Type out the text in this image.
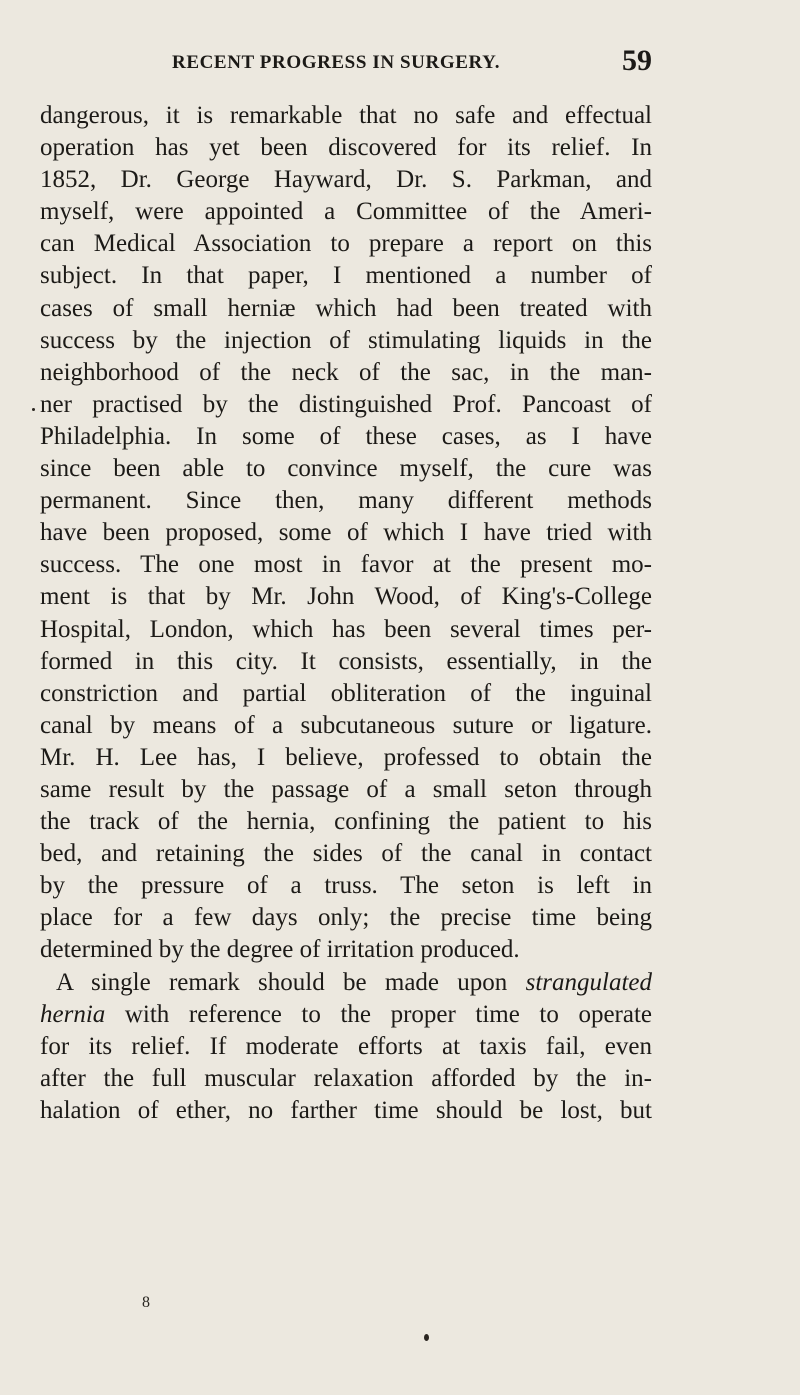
RECENT PROGRESS IN SURGERY.	59
dangerous, it is remarkable that no safe and effectual
operation has yet been discovered for its relief. In
1852, Dr. George Hayward, Dr. S. Parkman, and
myself, were appointed a Committee of the Ameri-
can Medical Association to prepare a report on this
subject. In that paper, I mentioned a number of
cases of small herniæ which had been treated with
success by the injection of stimulating liquids in the
neighborhood of the neck of the sac, in the man-
ner practised by the distinguished Prof. Pancoast of
Philadelphia. In some of these cases, as I have
since been able to convince myself, the cure was
permanent. Since then, many different methods
have been proposed, some of which I have tried with
success. The one most in favor at the present mo-
ment is that by Mr. John Wood, of King's-College
Hospital, London, which has been several times per-
formed in this city. It consists, essentially, in the
constriction and partial obliteration of the inguinal
canal by means of a subcutaneous suture or ligature.
Mr. H. Lee has, I believe, professed to obtain the
same result by the passage of a small seton through
the track of the hernia, confining the patient to his
bed, and retaining the sides of the canal in contact
by the pressure of a truss. The seton is left in
place for a few days only; the precise time being
determined by the degree of irritation produced.
A single remark should be made upon strangulated
hernia with reference to the proper time to operate
for its relief. If moderate efforts at taxis fail, even
after the full muscular relaxation afforded by the in-
halation of ether, no farther time should be lost, but
8
